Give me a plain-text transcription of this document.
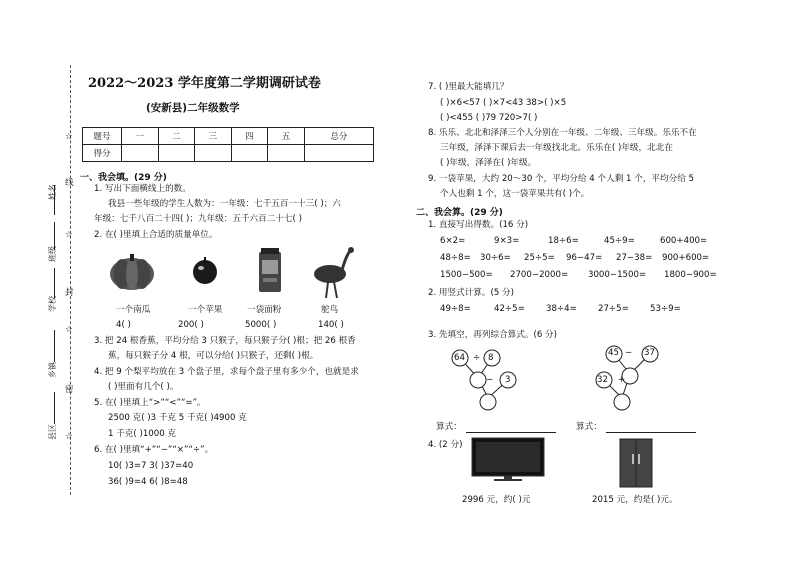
姓名
班级
学校
乡镇
县区
☆
线
☆
封
☆
密
☆
2022～2023 学年度第二学期调研试卷
(安新县)二年级数学
题号	一	二	三	四	五	总分
得分						
一、我会填。(29 分)
1. 写出下面横线上的数。
我县一些年级的学生人数为：一年级：七千五百一十三( )；六
年级：七千八百二十四( )；九年级：五千六百二十七( )
2. 在( )里填上合适的质量单位。
一个南瓜	一个苹果	一袋面粉	鸵鸟
4( )	200( )	5000( )	140( )
3. 把 24 根香蕉，平均分给 3 只猴子，每只猴子分( )根；把 26 根香
蕉，每只猴子分 4 根，可以分给( )只猴子，还剩( )根。
4. 把 9 个梨平均放在 3 个盘子里，求每个盘子里有多少个，也就是求
( )里面有几个( )。
5. 在( )里填上“>”“<”“=”。
2500 克( )3 千克 5 千克( )4900 克
1 千克( )1000 克
6. 在( )里填“+”“−”“×”“÷”。
10( )3=7 3( )37=40
36( )9=4 6( )8=48
7. ( )里最大能填几？
( )×6<57 ( )×7<43 38>( )×5
( )<455 ( )79 720>7( )
8. 乐乐、北北和泽泽三个人分别在一年级、二年级、三年级。乐乐不在
三年级，泽泽下课后去一年级找北北。乐乐在( )年级，北北在
( )年级，泽泽在( )年级。
9. 一袋苹果，大约 20～30 个，平均分给 4 个人剩 1 个，平均分给 5
个人也剩 1 个，这一袋苹果共有( )个。
二、我会算。(29 分)
1. 直接写出得数。(16 分)
6×2=	9×3=	18÷6=	45÷9=	600+400=
48÷8= 30÷6= 25÷5= 96−47= 27−38= 900+600=
1500−500= 2700−2000= 3000−1500= 1800−900=
2. 用竖式计算。(5 分)
49÷8=	42÷5= 38÷4= 27÷5= 53÷9=
3. 先填空，再列综合算式。(6 分)
64 ÷ 8
− 3
45 − 37
+
32
算式：	算式：
4. (2 分)
2996 元，约( )元	2015 元，约是( )元。
